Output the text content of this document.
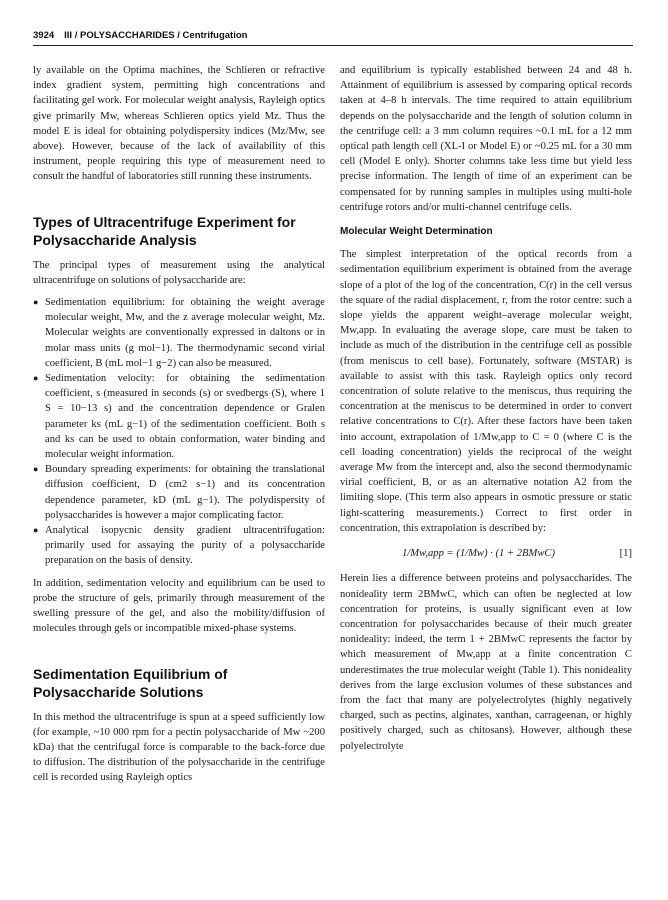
3924 III / POLYSACCHARIDES / Centrifugation

ly available on the Optima machines, the Schlieren or refractive index gradient system, permitting high concentrations and facilitating gel work. For molecular weight analysis, Rayleigh optics give primarily Mw, whereas Schlieren optics yield Mz. Thus the model E is ideal for obtaining polydispersity indices (Mz/Mw, see above). However, because of the lack of availability of this instrument, people requiring this type of measurement need to consult the handful of laboratories still running these instruments.

Types of Ultracentrifuge Experiment for Polysaccharide Analysis

The principal types of measurement using the analytical ultracentrifuge on solutions of polysaccharide are:

● Sedimentation equilibrium: for obtaining the weight average molecular weight, Mw, and the z average molecular weight, Mz. Molecular weights are conventionally expressed in daltons or in molar mass units (g mol−1). The thermodynamic second virial coefficient, B (mL mol−1 g−2) can also be measured.
● Sedimentation velocity: for obtaining the sedimentation coefficient, s (measured in seconds (s) or svedbergs (S), where 1 S = 10−13 s) and the concentration dependence or Gralen parameter ks (mL g−1) of the sedimentation coefficient. Both s and ks can be used to obtain conformation, water binding and molecular weight information.
● Boundary spreading experiments: for obtaining the translational diffusion coefficient, D (cm2 s−1) and its concentration dependence parameter, kD (mL g−1). The polydispersity of polysaccharides is however a major complicating factor.
● Analytical isopycnic density gradient ultracentrifugation: primarily used for assaying the purity of a polysaccharide preparation on the basis of density.

In addition, sedimentation velocity and equilibrium can be used to probe the structure of gels, primarily through measurement of the swelling pressure of the gel, and also the mobility/diffusion of molecules through gels or incompatible mixed-phase systems.

Sedimentation Equilibrium of Polysaccharide Solutions

In this method the ultracentrifuge is spun at a speed sufficiently low (for example, ~10 000 rpm for a pectin polysaccharide of Mw ~200 kDa) that the centrifugal force is comparable to the back-force due to diffusion. The distribution of the polysaccharide in the centrifuge cell is recorded using Rayleigh optics

and equilibrium is typically established between 24 and 48 h. Attainment of equilibrium is assessed by comparing optical records taken at 4–8 h intervals. The time required to attain equilibrium depends on the polysaccharide and the length of solution column in the centrifuge cell: a 3 mm column requires ~0.1 mL for a 12 mm optical path length cell (XL-I or Model E) or ~0.25 mL for a 30 mm cell (Model E only). Shorter columns take less time but yield less precise information. The length of time of an experiment can be compensated for by running samples in multiples using multi-hole centrifuge rotors and/or multi-channel centrifuge cells.

Molecular Weight Determination

The simplest interpretation of the optical records from a sedimentation equilibrium experiment is obtained from the average slope of a plot of the log of the concentration, C(r) in the cell versus the square of the radial displacement, r, from the rotor centre: such a slope yields the apparent weight–average molecular weight, Mw,app. In evaluating the average slope, care must be taken to include as much of the distribution in the centrifuge cell as possible (from meniscus to cell base). Fortunately, software (MSTAR) is available to assist with this task. Rayleigh optics only record concentration of solute relative to the meniscus, thus requiring the concentration at the meniscus to be determined in order to convert relative concentrations to C(r). After these factors have been taken into account, extrapolation of 1/Mw,app to C = 0 (where C is the cell loading concentration) yields the reciprocal of the weight average Mw from the intercept and, also the second thermodynamic virial coefficient, B, or as an alternative notation A2 from the limiting slope. (This term also appears in osmotic pressure or static light-scattering measurements.) Correct to first order in concentration, this extrapolation is described by:

1/Mw,app = (1/Mw) · (1 + 2BMwC)	[1]

Herein lies a difference between proteins and polysaccharides. The nonideality term 2BMwC, which can often be neglected at low concentration for proteins, is usually significant even at low concentration for polysaccharides because of their much greater nonideality: indeed, the term 1 + 2BMwC represents the factor by which measurement of Mw,app at a finite concentration C underestimates the true molecular weight (Table 1). This nonideality derives from the large exclusion volumes of these substances and from the fact that many are polyelectrolytes (highly negatively charged, such as pectins, alginates, xanthan, carrageenan, or highly positively charged, such as chitosans). However, although these polyelectrolyte
